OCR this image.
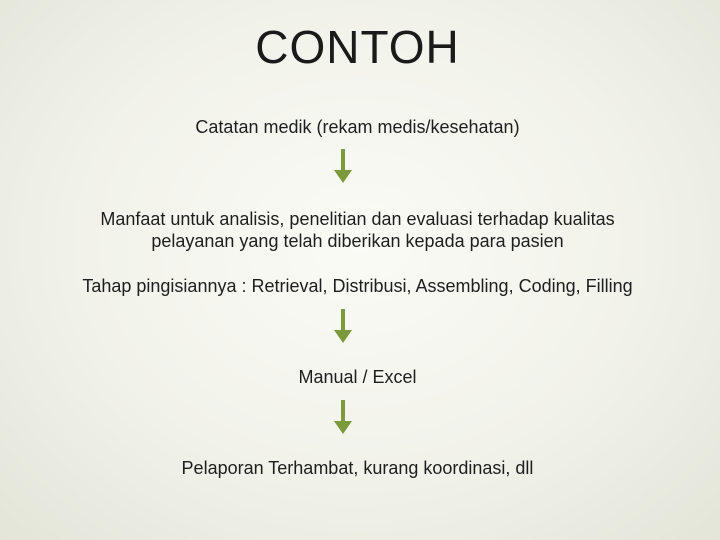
CONTOH
Catatan medik (rekam medis/kesehatan)
Manfaat untuk analisis, penelitian dan evaluasi terhadap kualitas
pelayanan yang telah diberikan kepada para pasien
Tahap pingisiannya : Retrieval, Distribusi, Assembling, Coding, Filling
Manual / Excel
Pelaporan Terhambat, kurang koordinasi, dll
